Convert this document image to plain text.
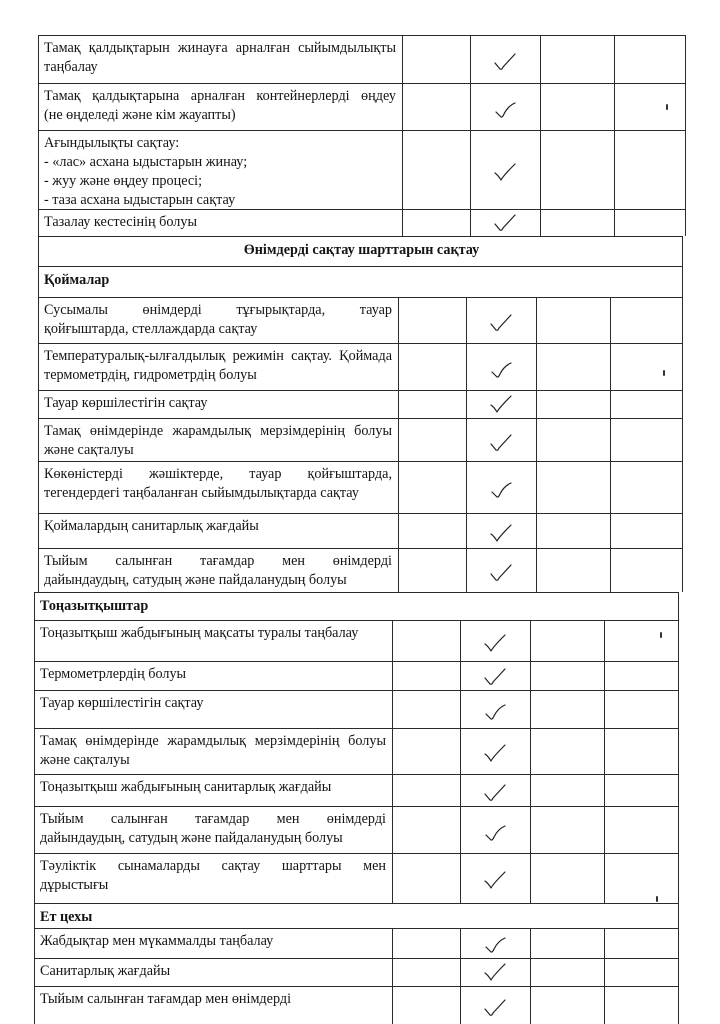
Тамақ қалдықтарын жинауға арналған сыйымдылықты
таңбалау
Тамақ қалдықтарына арналған контейнерлерді өңдеу
(не өңделеді және кім жауапты)
Ағындылықты сақтау:
- «лас» асхана ыдыстарын жинау;
- жуу және өңдеу процесі;
- таза асхана ыдыстарын сақтау
Тазалау кестесінің болуы
Өнімдерді сақтау шарттарын сақтау
Қоймалар
Сусымалы өнімдерді тұғырықтарда, тауар
қойғыштарда, стеллаждарда сақтау
Температуралық-ылғалдылық режимін сақтау. Қоймада
термометрдің, гидрометрдің болуы
Тауар көршілестігін сақтау
Тамақ өнімдерінде жарамдылық мерзімдерінің болуы
және сақталуы
Көкөністерді жәшіктерде, тауар қойғыштарда,
тегендердегі таңбаланған сыйымдылықтарда сақтау
Қоймалардың санитарлық жағдайы
Тыйым салынған тағамдар мен өнімдерді
дайындаудың, сатудың және пайдаланудың болуы
Тоңазытқыштар
Тоңазытқыш жабдығының мақсаты туралы таңбалау
Термометрлердің болуы
Тауар көршілестігін сақтау
Тамақ өнімдерінде жарамдылық мерзімдерінің болуы
және сақталуы
Тоңазытқыш жабдығының санитарлық жағдайы
Тыйым салынған тағамдар мен өнімдерді
дайындаудың, сатудың және пайдаланудың болуы
Тәуліктік сынамаларды сақтау шарттары мен
дұрыстығы
Ет цехы
Жабдықтар мен мүкаммалды таңбалау
Санитарлық жағдайы
Тыйым салынған тағамдар мен өнімдерді
